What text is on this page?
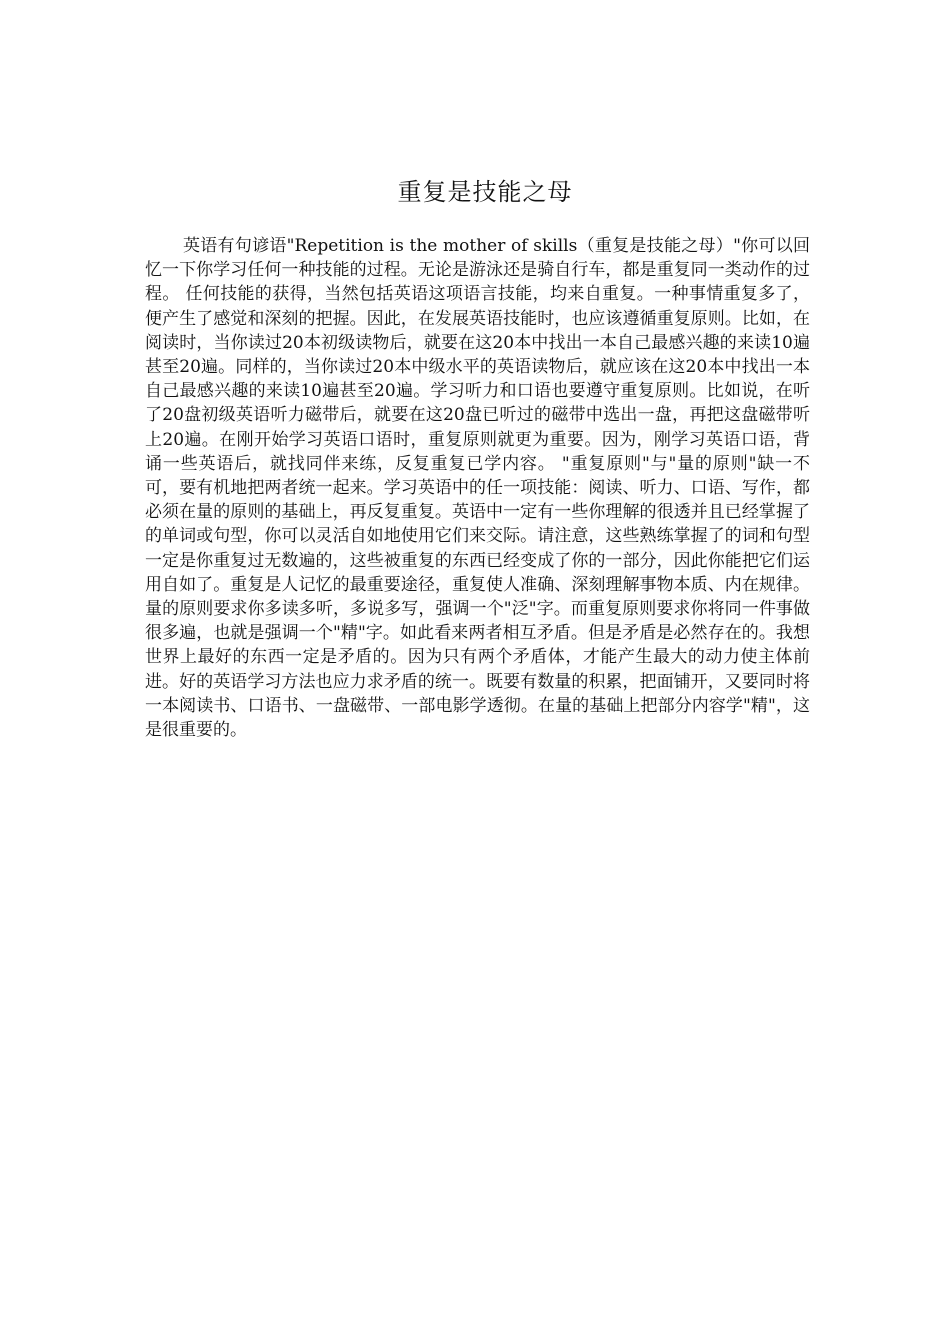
重复是技能之母

英语有句谚语"Repetition is the mother of skills（重复是技能之母）"你可以回忆一下你学习任何一种技能的过程。无论是游泳还是骑自行车，都是重复同一类动作的过程。 任何技能的获得，当然包括英语这项语言技能，均来自重复。一种事情重复多了，便产生了感觉和深刻的把握。因此，在发展英语技能时，也应该遵循重复原则。比如，在阅读时，当你读过20本初级读物后，就要在这20本中找出一本自己最感兴趣的来读10遍甚至20遍。同样的，当你读过20本中级水平的英语读物后，就应该在这20本中找出一本自己最感兴趣的来读10遍甚至20遍。学习听力和口语也要遵守重复原则。比如说，在听了20盘初级英语听力磁带后，就要在这20盘已听过的磁带中选出一盘，再把这盘磁带听上20遍。在刚开始学习英语口语时，重复原则就更为重要。因为，刚学习英语口语，背诵一些英语后，就找同伴来练，反复重复已学内容。 "重复原则"与"量的原则"缺一不可，要有机地把两者统一起来。学习英语中的任一项技能：阅读、听力、口语、写作，都必须在量的原则的基础上，再反复重复。英语中一定有一些你理解的很透并且已经掌握了的单词或句型，你可以灵活自如地使用它们来交际。请注意，这些熟练掌握了的词和句型一定是你重复过无数遍的，这些被重复的东西已经变成了你的一部分，因此你能把它们运用自如了。重复是人记忆的最重要途径，重复使人准确、深刻理解事物本质、内在规律。 量的原则要求你多读多听，多说多写，强调一个"泛"字。而重复原则要求你将同一件事做很多遍，也就是强调一个"精"字。如此看来两者相互矛盾。但是矛盾是必然存在的。我想世界上最好的东西一定是矛盾的。因为只有两个矛盾体，才能产生最大的动力使主体前进。好的英语学习方法也应力求矛盾的统一。既要有数量的积累，把面铺开，又要同时将一本阅读书、口语书、一盘磁带、一部电影学透彻。在量的基础上把部分内容学"精"，这是很重要的。
